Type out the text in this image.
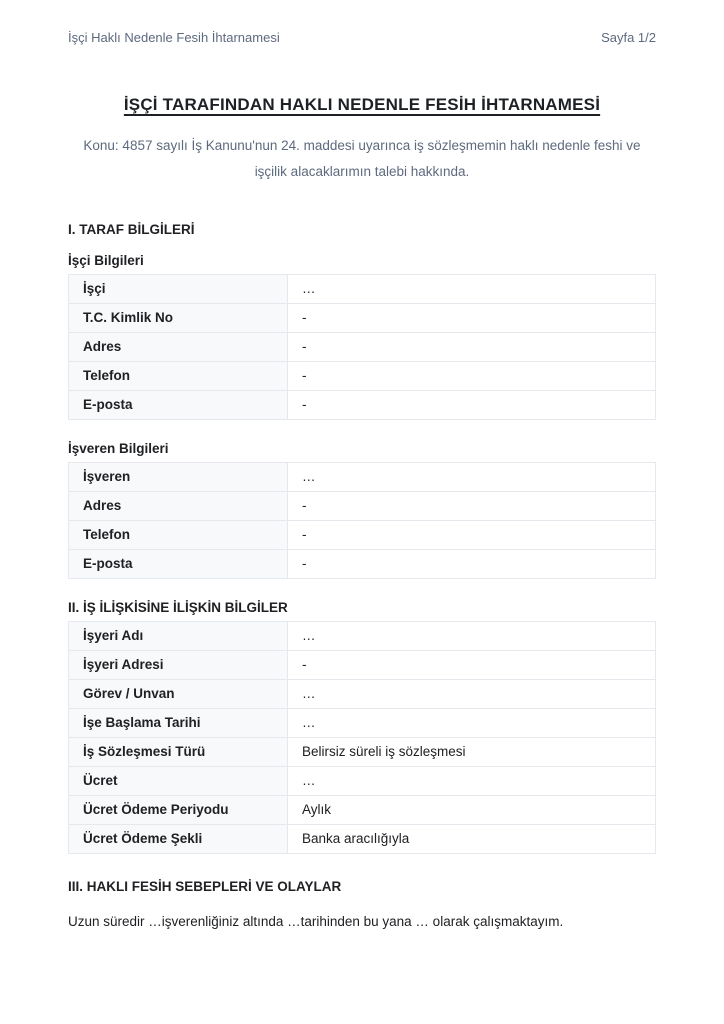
İşçi Haklı Nedenle Fesih İhtarnamesi	Sayfa 1/2
İŞÇİ TARAFINDAN HAKLI NEDENLE FESİH İHTARNAMESİ
Konu: 4857 sayılı İş Kanunu'nun 24. maddesi uyarınca iş sözleşmemin haklı nedenle feshi ve işçilik alacaklarımın talebi hakkında.
I. TARAF BİLGİLERİ
İşçi Bilgileri
İşçi	…
T.C. Kimlik No	-
Adres	-
Telefon	-
E-posta	-
İşveren Bilgileri
İşveren	…
Adres	-
Telefon	-
E-posta	-
II. İŞ İLİŞKİSİNE İLİŞKİN BİLGİLER
İşyeri Adı	…
İşyeri Adresi	-
Görev / Unvan	…
İşe Başlama Tarihi	…
İş Sözleşmesi Türü	Belirsiz süreli iş sözleşmesi
Ücret	…
Ücret Ödeme Periyodu	Aylık
Ücret Ödeme Şekli	Banka aracılığıyla
III. HAKLI FESİH SEBEPLERİ VE OLAYLAR

Uzun süredir …işverenliğiniz altında …tarihinden bu yana … olarak çalışmaktayım.
